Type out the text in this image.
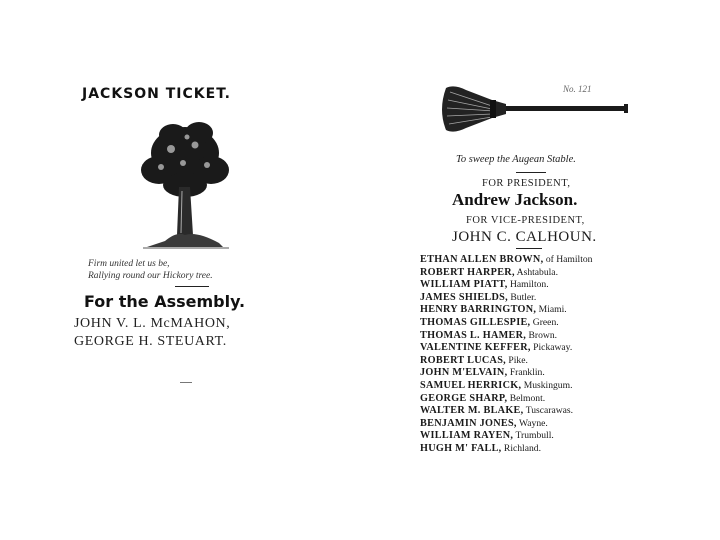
JACKSON TICKET.
Firm united let us be,
Rallying round our Hickory tree.
For the Assembly.
JOHN V. L. McMAHON,
GEORGE H. STEUART.
No. 121
To sweep the Augean Stable.
FOR PRESIDENT,
Andrew Jackson.
FOR VICE-PRESIDENT,
JOHN C. CALHOUN.
ETHAN ALLEN BROWN, of Hamilton
ROBERT HARPER, Ashtabula.
WILLIAM PIATT, Hamilton.
JAMES SHIELDS, Butler.
HENRY BARRINGTON, Miami.
THOMAS GILLESPIE, Green.
THOMAS L. HAMER, Brown.
VALENTINE KEFFER, Pickaway.
ROBERT LUCAS, Pike.
JOHN M'ELVAIN, Franklin.
SAMUEL HERRICK, Muskingum.
GEORGE SHARP, Belmont.
WALTER M. BLAKE, Tuscarawas.
BENJAMIN JONES, Wayne.
WILLIAM RAYEN, Trumbull.
HUGH M' FALL, Richland.
